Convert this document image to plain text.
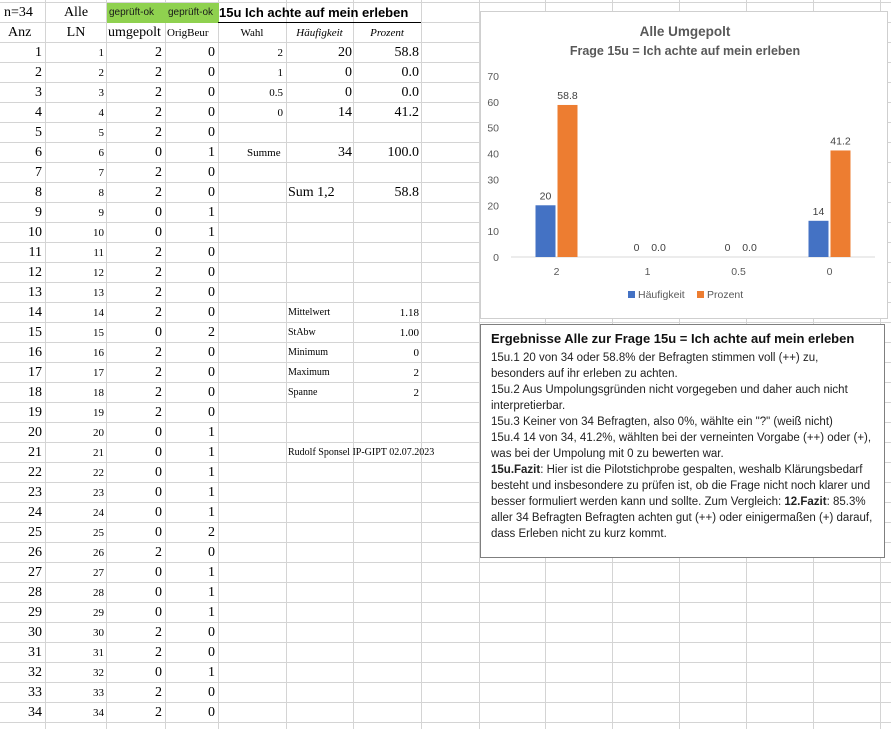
n=34	Alle	geprüft-ok	geprüft-ok 15u Ich achte auf mein erleben
Anz	LN	umgepolt OrigBeur	Wahl	Häufigkeit	Prozent
1	1	2	0
2	2	2	0
3	3	2	0
4	4	2	0
5	5	2	0
6	6	0	1
7	7	2	0
8	8	2	0
9	9	0	1
10	10	0	1
11	11	2	0
12	12	2	0
13	13	2	0
14	14	2	0
15	15	0	2
16	16	2	0
17	17	2	0
18	18	2	0
19	19	2	0
20	20	0	1
21	21	0	1
22	22	0	1
23	23	0	1
24	24	0	1
25	25	0	2
26	26	2	0
27	27	0	1
28	28	0	1
29	29	0	1
30	30	2	0
31	31	2	0
32	32	0	1
33	33	2	0
34	34	2	0
2	20	58.8
1	0	0.0
0.5	0	0.0
0	14	41.2
Summe	34	100.0
Sum 1,2	58.8
Mittelwert	1.18
StAbw	1.00
Minimum	0
Maximum	2
Spanne	2
Rudolf Sponsel IP-GIPT 02.07.2023
Alle Umgepolt
Frage 15u = Ich achte auf mein erleben
0
10
20
30
40
50
60
70
2
20
58.8
1
0 0.0
0.5
0 0.0
0
14
41.2
Häufigkeit Prozent
Ergebnisse Alle zur Frage 15u = Ich achte auf mein erleben

15u.1 20 von 34 oder 58.8% der Befragten stimmen voll (++) zu, besonders auf ihr erleben zu achten.

15u.2 Aus Umpolungsgründen nicht vorgegeben und daher auch nicht interpretierbar.

15u.3 Keiner von 34 Befragten, also 0%, wählte ein "?" (weiß nicht)

15u.4 14 von 34, 41.2%, wählten bei der verneinten Vorgabe (++) oder (+), was bei der Umpolung mit 0 zu bewerten war.

15u.Fazit: Hier ist die Pilotstichprobe gespalten, weshalb Klärungsbedarf besteht und insbesondere zu prüfen ist, ob die Frage nicht noch klarer und besser formuliert werden kann und sollte. Zum Vergleich: 12.Fazit: 85.3% aller 34 Befragten Befragten achten gut (++) oder einigermaßen (+) darauf, dass Erleben nicht zu kurz kommt.
